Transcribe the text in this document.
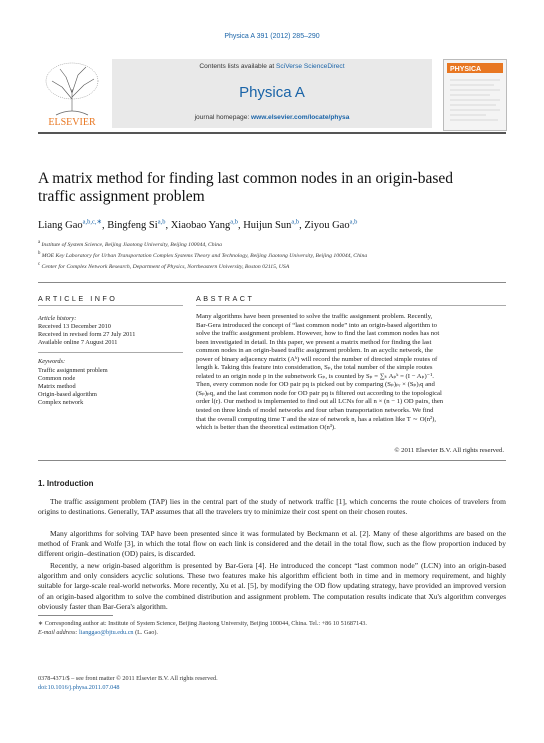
Physica A 391 (2012) 285–290
ELSEVIER
Contents lists available at SciVerse ScienceDirect
Physica A
journal homepage: www.elsevier.com/locate/physa
PHYSICA
A matrix method for finding last common nodes in an origin-based
traffic assignment problem
Liang Gao$^{a,b,c,∗}$, Bingfeng Si$^{a,b}$, Xiaobao Yang$^{a,b}$, Huijun Sun$^{a,b}$, Ziyou Gao$^{a,b}$
$^a$ Institute of System Science, Beijing Jiaotong University, Beijing 100044, China
$^b$ MOE Key Laboratory for Urban Transportation Complex Systems Theory and Technology, Beijing Jiaotong University, Beijing 100044, China
$^c$ Center for Complex Network Research, Department of Physics, Northeastern University, Boston 02115, USA
ARTICLE INFO
Article history:
Received 13 December 2010
Received in revised form 27 July 2011
Available online 7 August 2011
Keywords:
Traffic assignment problem
Common node
Matrix method
Origin-based algorithm
Complex network
ABSTRACT
Many algorithms have been presented to solve the traffic assignment problem. Recently,
Bar-Gera introduced the concept of “last common node” into an origin-based algorithm to
solve the traffic assignment problem. However, how to find the last common nodes has not
been investigated in detail. In this paper, we present a matrix method for finding the last
common nodes in an origin-based traffic assignment problem. In an acyclic network, the
power of binary adjacency matrix (Aᵏ) will record the number of directed simple routes of
length k. Taking this feature into consideration, Sₚ, the total number of the simple routes
related to an origin node p in the subnetwork Gₚ, is counted by Sₚ = ∑ₖ Aₚᵏ = (I − Aₚ)⁻¹.
Then, every common node for OD pair pq is picked out by comparing (Sₚ)ₚᵣ × (Sₚ)ᵣq and
(Sₚ)ₚq, and the last common node for OD pair pq is filtered out according to the topological
order l(r). Our method is implemented to find out all LCNs for all n × (n − 1) OD pairs, then
tested on three kinds of model networks and four urban transportation networks. We find
that the overall computing time T and the size of network n, has a relation like T ∼ O(n²),
which is better than the theoretical estimation O(n³).
© 2011 Elsevier B.V. All rights reserved.
1. Introduction
The traffic assignment problem (TAP) lies in the central part of the study of network traffic [1], which concerns the route choices of travelers from origins to destinations. Generally, TAP assumes that all the travelers try to minimize their cost spent on their chosen routes.
Many algorithms for solving TAP have been presented since it was formulated by Beckmann et al. [2]. Many of these algorithms are based on the method of Frank and Wolfe [3], in which the total flow on each link is considered and the detail in the total flow, such as the flow proportion induced by different origin–destination (OD) pairs, is discarded.
Recently, a new origin-based algorithm is presented by Bar-Gera [4]. He introduced the concept “last common node” (LCN) into an origin-based algorithm and only considers acyclic solutions. These two features make his algorithm efficient both in time and in memory requirement, and highly suitable for large-scale real-world networks. More recently, Xu et al. [5], by modifying the OD flow updating strategy, have provided an improved version of an origin-based algorithm to solve the combined distribution and assignment problem. The computation results indicate that Xu's algorithm converges obviously faster than Bar-Gera's algorithm.
∗ Corresponding author at: Institute of System Science, Beijing Jiaotong University, Beijing 100044, China. Tel.: +86 10 51687143.
E-mail address: lianggao@bjtu.edu.cn (L. Gao).
0378-4371/$ – see front matter © 2011 Elsevier B.V. All rights reserved.
doi:10.1016/j.physa.2011.07.048
